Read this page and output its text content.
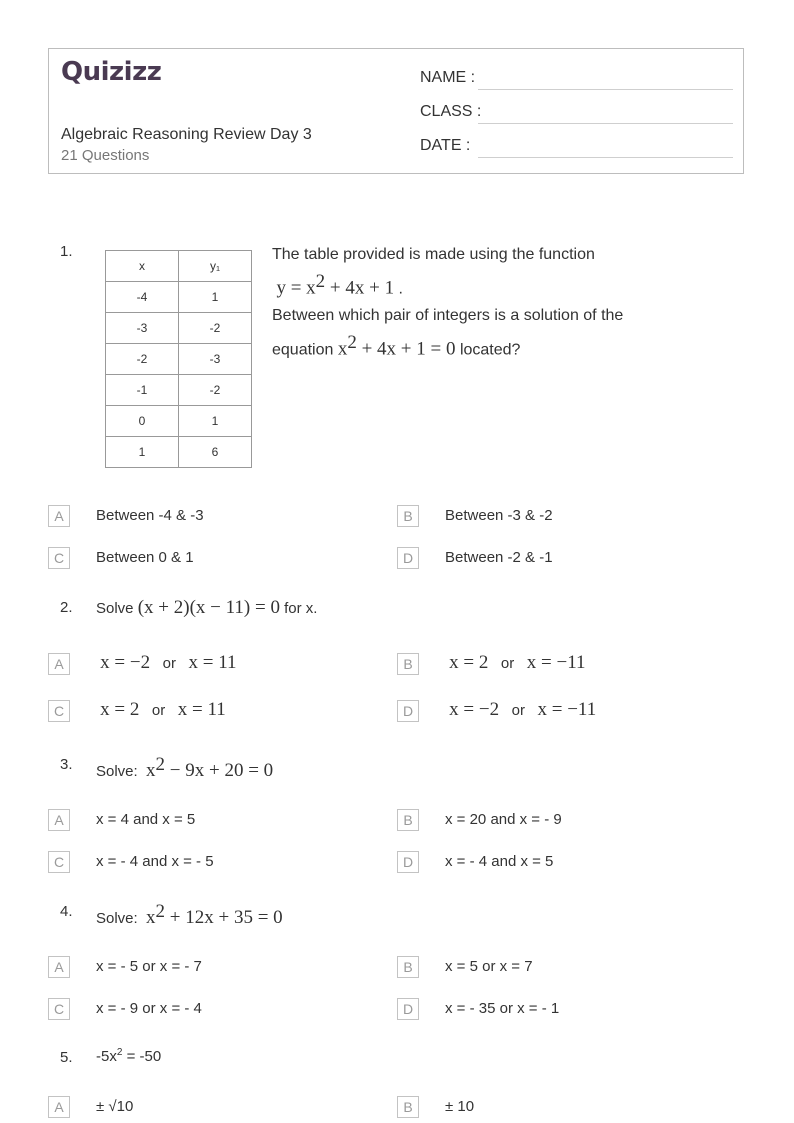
Quizizz
Algebraic Reasoning Review Day 3
21 Questions
NAME :
CLASS :
DATE :
1.
x	y₁
-4	1
-3	-2
-2	-3
-1	-2
0	1
1	6
The table provided is made using the function
$y = x^2 + 4x + 1$ .
Between which pair of integers is a solution of the
equation $x^2 + 4x + 1 = 0$ located?
A	Between -4 & -3	B	Between -3 & -2
C	Between 0 & 1	D	Between -2 & -1
2. Solve (x + 2)(x − 11) = 0 for x.
A	x = −2 or x = 11	B	x = 2 or x = −11
C	x = 2 or x = 11	D	x = −2 or x = −11
3. Solve:  $x^2 - 9x + 20 = 0$
A	x = 4 and x = 5	B	x = 20 and x = - 9
C	x = - 4 and x = - 5	D	x = - 4 and x = 5
4. Solve:  $x^2 + 12x + 35 = 0$
A	x = - 5 or x = - 7	B	x = 5 or x = 7
C	x = - 9 or x = - 4	D	x = - 35 or x = - 1
5. $-5x^2 = -50$
A	± √10	B	± 10
